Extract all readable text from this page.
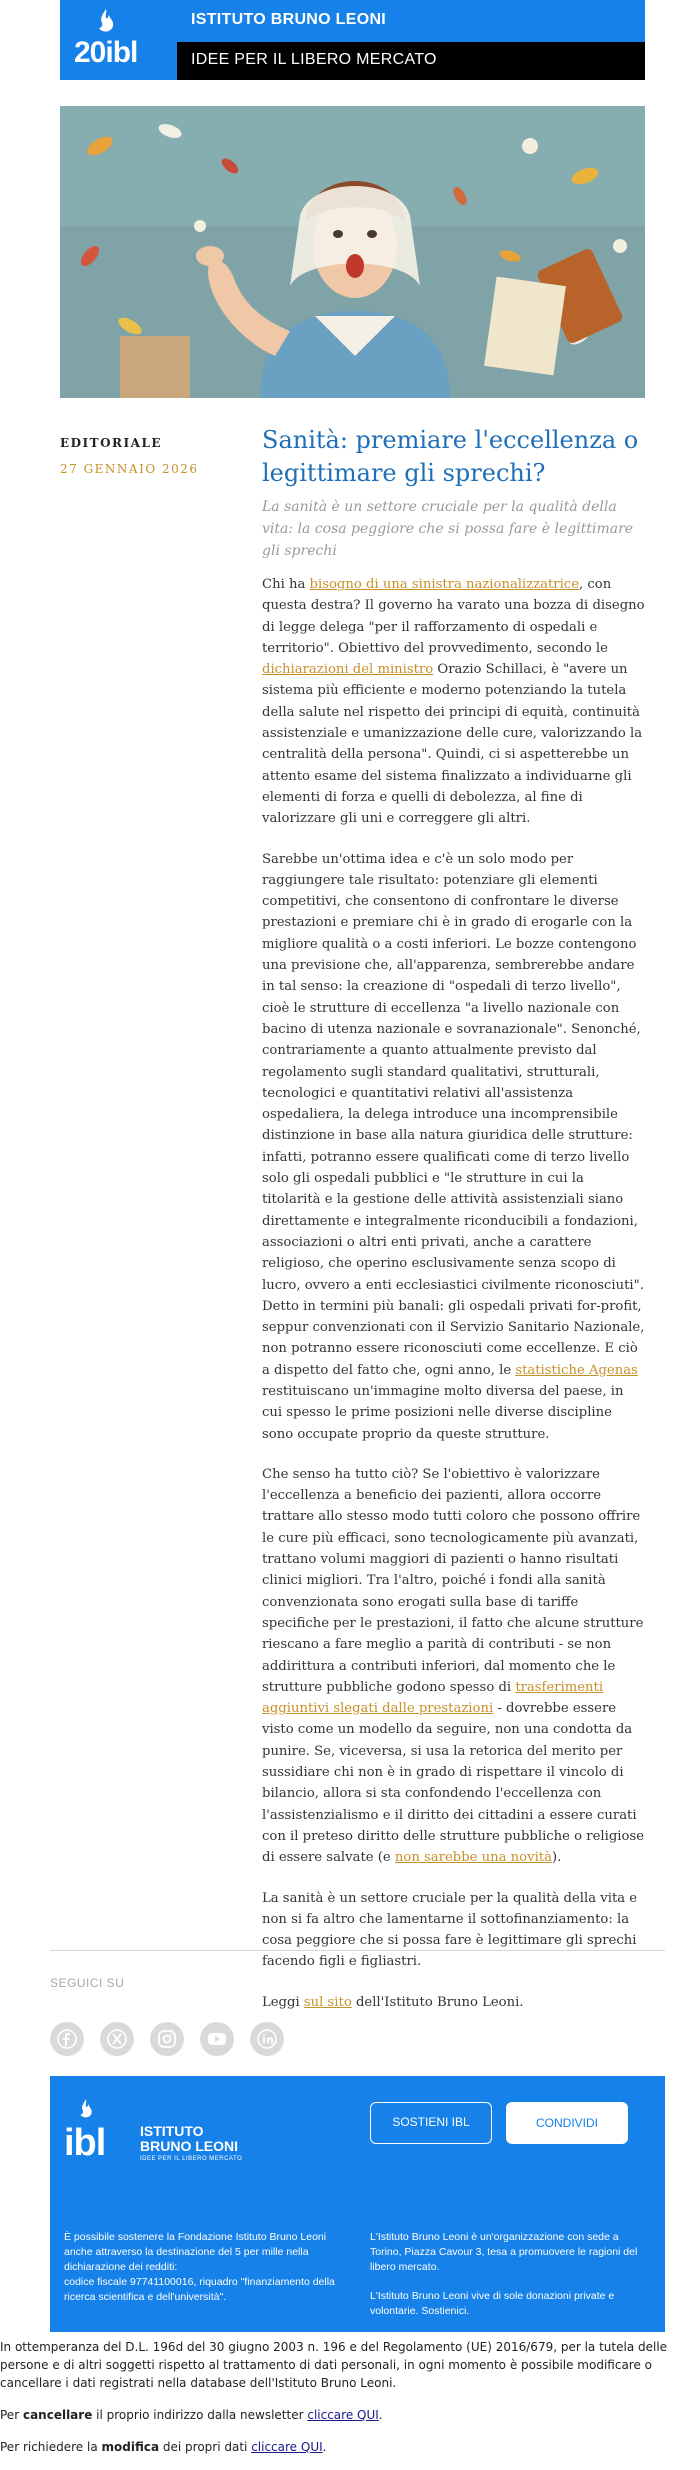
20ibl
ISTITUTO BRUNO LEONI
IDEE PER IL LIBERO MERCATO
EDITORIALE
27 GENNAIO 2026
Sanità: premiare l'eccellenza o legittimare gli sprechi?
La sanità è un settore cruciale per la qualità della vita: la cosa peggiore che si possa fare è legittimare gli sprechi

Chi ha bisogno di una sinistra nazionalizzatrice, con questa destra? Il governo ha varato una bozza di disegno di legge delega "per il rafforzamento di ospedali e territorio". Obiettivo del provvedimento, secondo le dichiarazioni del ministro Orazio Schillaci, è "avere un sistema più efficiente e moderno potenziando la tutela della salute nel rispetto dei principi di equità, continuità assistenziale e umanizzazione delle cure, valorizzando la centralità della persona". Quindi, ci si aspetterebbe un attento esame del sistema finalizzato a individuarne gli elementi di forza e quelli di debolezza, al fine di valorizzare gli uni e correggere gli altri.

Sarebbe un'ottima idea e c'è un solo modo per raggiungere tale risultato: potenziare gli elementi competitivi, che consentono di confrontare le diverse prestazioni e premiare chi è in grado di erogarle con la migliore qualità o a costi inferiori. Le bozze contengono una previsione che, all'apparenza, sembrerebbe andare in tal senso: la creazione di "ospedali di terzo livello", cioè le strutture di eccellenza "a livello nazionale con bacino di utenza nazionale e sovranazionale". Senonché, contrariamente a quanto attualmente previsto dal regolamento sugli standard qualitativi, strutturali, tecnologici e quantitativi relativi all'assistenza ospedaliera, la delega introduce una incomprensibile distinzione in base alla natura giuridica delle strutture: infatti, potranno essere qualificati come di terzo livello solo gli ospedali pubblici e "le strutture in cui la titolarità e la gestione delle attività assistenziali siano direttamente e integralmente riconducibili a fondazioni, associazioni o altri enti privati, anche a carattere religioso, che operino esclusivamente senza scopo di lucro, ovvero a enti ecclesiastici civilmente riconosciuti". Detto in termini più banali: gli ospedali privati for-profit, seppur convenzionati con il Servizio Sanitario Nazionale, non potranno essere riconosciuti come eccellenze. E ciò a dispetto del fatto che, ogni anno, le statistiche Agenas restituiscano un'immagine molto diversa del paese, in cui spesso le prime posizioni nelle diverse discipline sono occupate proprio da queste strutture.

Che senso ha tutto ciò? Se l'obiettivo è valorizzare l'eccellenza a beneficio dei pazienti, allora occorre trattare allo stesso modo tutti coloro che possono offrire le cure più efficaci, sono tecnologicamente più avanzati, trattano volumi maggiori di pazienti o hanno risultati clinici migliori. Tra l'altro, poiché i fondi alla sanità convenzionata sono erogati sulla base di tariffe specifiche per le prestazioni, il fatto che alcune strutture riescano a fare meglio a parità di contributi - se non addirittura a contributi inferiori, dal momento che le strutture pubbliche godono spesso di trasferimenti aggiuntivi slegati dalle prestazioni - dovrebbe essere visto come un modello da seguire, non una condotta da punire. Se, viceversa, si usa la retorica del merito per sussidiare chi non è in grado di rispettare il vincolo di bilancio, allora si sta confondendo l'eccellenza con l'assistenzialismo e il diritto dei cittadini a essere curati con il preteso diritto delle strutture pubbliche o religiose di essere salvate (e non sarebbe una novità).

La sanità è un settore cruciale per la qualità della vita e non si fa altro che lamentarne il sottofinanziamento: la cosa peggiore che si possa fare è legittimare gli sprechi facendo figli e figliastri.

Leggi sul sito dell'Istituto Bruno Leoni.

SEGUICI SU
ibl ISTITUTO
BRUNO LEONI
IDEE PER IL LIBERO MERCATO
SOSTIENI IBL	CONDIVIDI
È possibile sostenere la Fondazione Istituto Bruno Leoni anche attraverso la destinazione del 5 per mille nella dichiarazione dei redditi:
codice fiscale 97741100016, riquadro "finanziamento della ricerca scientifica e dell'università".
L'Istituto Bruno Leoni è un'organizzazione con sede a Torino, Piazza Cavour 3, tesa a promuovere le ragioni del libero mercato.
L'Istituto Bruno Leoni vive di sole donazioni private e volontarie. Sostienici.

In ottemperanza del D.L. 196d del 30 giugno 2003 n. 196 e del Regolamento (UE) 2016/679, per la tutela delle persone e di altri soggetti rispetto al trattamento di dati personali, in ogni momento è possibile modificare o cancellare i dati registrati nella database dell'Istituto Bruno Leoni.

Per cancellare il proprio indirizzo dalla newsletter cliccare QUI.

Per richiedere la modifica dei propri dati cliccare QUI.
